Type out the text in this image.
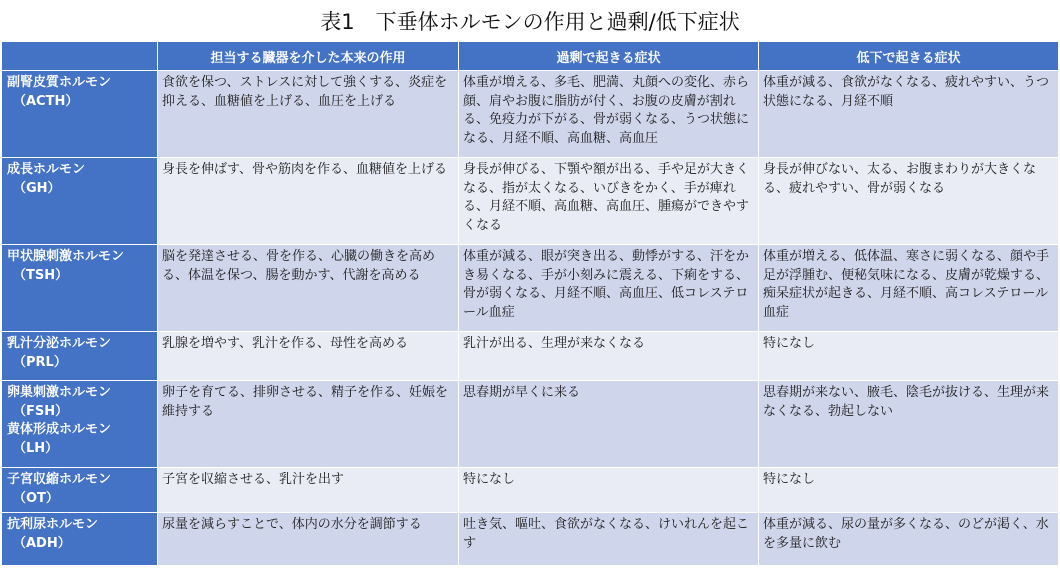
表1　下垂体ホルモンの作用と過剰/低下症状
	担当する臓器を介した本来の作用	過剰で起きる症状	低下で起きる症状

副腎皮質ホルモン
（ACTH）	食欲を保つ、ストレスに対して強くする、炎症を抑える、血糖値を上げる、血圧を上げる	体重が増える、多毛、肥満、丸顔への変化、赤ら顔、肩やお腹に脂肪が付く、お腹の皮膚が割れる、免疫力が下がる、骨が弱くなる、うつ状態になる、月経不順、高血糖、高血圧	体重が減る、食欲がなくなる、疲れやすい、うつ状態になる、月経不順

成長ホルモン
（GH）	身長を伸ばす、骨や筋肉を作る、血糖値を上げる	身長が伸びる、下顎や額が出る、手や足が大きくなる、指が太くなる、いびきをかく、手が痺れる、月経不順、高血糖、高血圧、腫瘍ができやすくなる	身長が伸びない、太る、お腹まわりが大きくなる、疲れやすい、骨が弱くなる

甲状腺刺激ホルモン
（TSH）	脳を発達させる、骨を作る、心臓の働きを高める、体温を保つ、腸を動かす、代謝を高める	体重が減る、眼が突き出る、動悸がする、汗をかき易くなる、手が小刻みに震える、下痢をする、骨が弱くなる、月経不順、高血圧、低コレステロール血症	体重が増える、低体温、寒さに弱くなる、顔や手足が浮腫む、便秘気味になる、皮膚が乾燥する、痴呆症状が起きる、月経不順、高コレステロール血症

乳汁分泌ホルモン
（PRL）	乳腺を増やす、乳汁を作る、母性を高める	乳汁が出る、生理が来なくなる	特になし

卵巣刺激ホルモン
（FSH）
黄体形成ホルモン
（LH）	卵子を育てる、排卵させる、精子を作る、妊娠を維持する	思春期が早くに来る	思春期が来ない、腋毛、陰毛が抜ける、生理が来なくなる、勃起しない

子宮収縮ホルモン
（OT）	子宮を収縮させる、乳汁を出す	特になし	特になし

抗利尿ホルモン
（ADH）	尿量を減らすことで、体内の水分を調節する	吐き気、嘔吐、食欲がなくなる、けいれんを起こす	体重が減る、尿の量が多くなる、のどが渇く、水を多量に飲む
